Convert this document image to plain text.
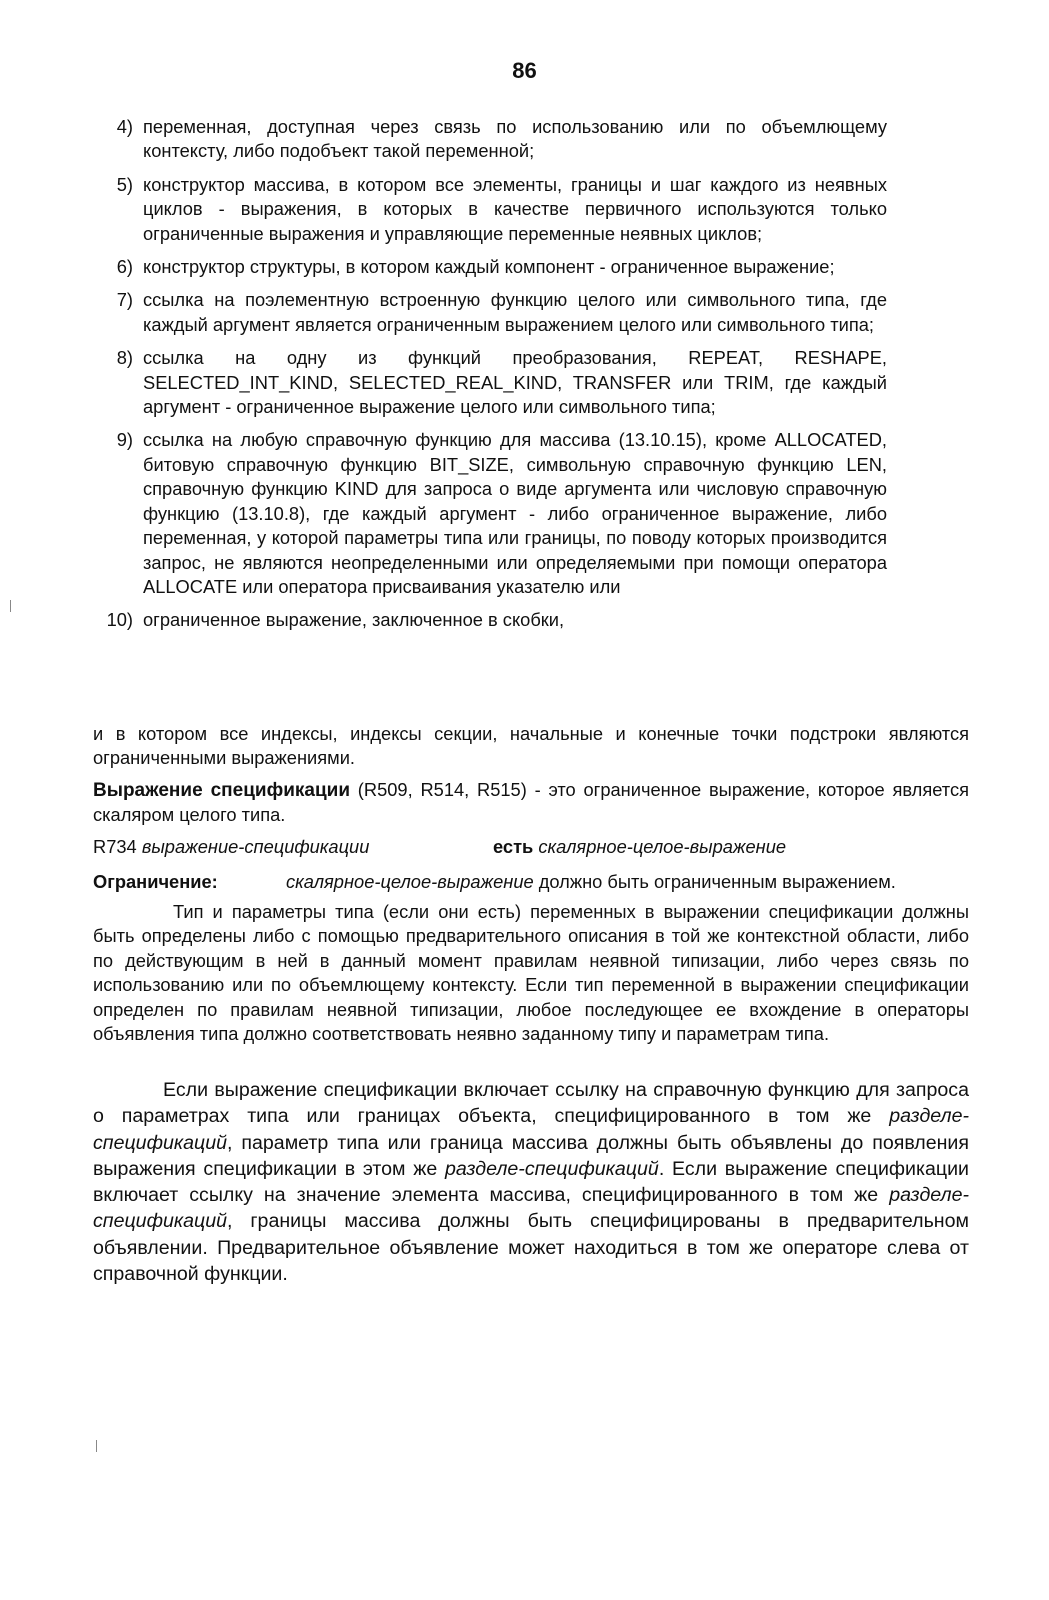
86
4) переменная, доступная через связь по использованию или по объемлющему контексту, либо подобъект такой переменной;
5) конструктор массива, в котором все элементы, границы и шаг каждого из неявных циклов - выражения, в которых в качестве первичного используются только ограниченные выражения и управляющие переменные неявных циклов;
6) конструктор структуры, в котором каждый компонент - ограниченное выражение;
7) ссылка на поэлементную встроенную функцию целого или символьного типа, где каждый аргумент является ограниченным выражением целого или символьного типа;
8) ссылка на одну из функций преобразования, REPEAT, RESHAPE, SELECTED_INT_KIND, SELECTED_REAL_KIND, TRANSFER или TRIM, где каждый аргумент - ограниченное выражение целого или символьного типа;
9) ссылка на любую справочную функцию для массива (13.10.15), кроме ALLOCATED, битовую справочную функцию BIT_SIZE, символьную справочную функцию LEN, справочную функцию KIND для запроса о виде аргумента или числовую справочную функцию (13.10.8), где каждый аргумент - либо ограниченное выражение, либо переменная, у которой параметры типа или границы, по поводу которых производится запрос, не являются неопределенными или определяемыми при помощи оператора ALLOCATE или оператора присваивания указателю или
10) ограниченное выражение, заключенное в скобки,
и в котором все индексы, индексы секции, начальные и конечные точки подстроки являются ограниченными выражениями.
Выражение спецификации (R509, R514, R515) - это ограниченное выражение, которое является скаляром целого типа.
R734 выражение-спецификации	есть скалярное-целое-выражение
Ограничение:	скалярное-целое-выражение должно быть ограниченным выражением.
Тип и параметры типа (если они есть) переменных в выражении спецификации должны быть определены либо с помощью предварительного описания в той же контекстной области, либо по действующим в ней в данный момент правилам неявной типизации, либо через связь по использованию или по объемлющему контексту. Если тип переменной в выражении спецификации определен по правилам неявной типизации, любое последующее ее вхождение в операторы объявления типа должно соответствовать неявно заданному типу и параметрам типа.
Если выражение спецификации включает ссылку на справочную функцию для запроса о параметрах типа или границах объекта, специфицированного в том же разделе-спецификаций, параметр типа или граница массива должны быть объявлены до появления выражения спецификации в этом же разделе-спецификаций. Если выражение спецификации включает ссылку на значение элемента массива, специфицированного в том же разделе-спецификаций, границы массива должны быть специфицированы в предварительном объявлении. Предварительное объявление может находиться в том же операторе слева от справочной функции.
